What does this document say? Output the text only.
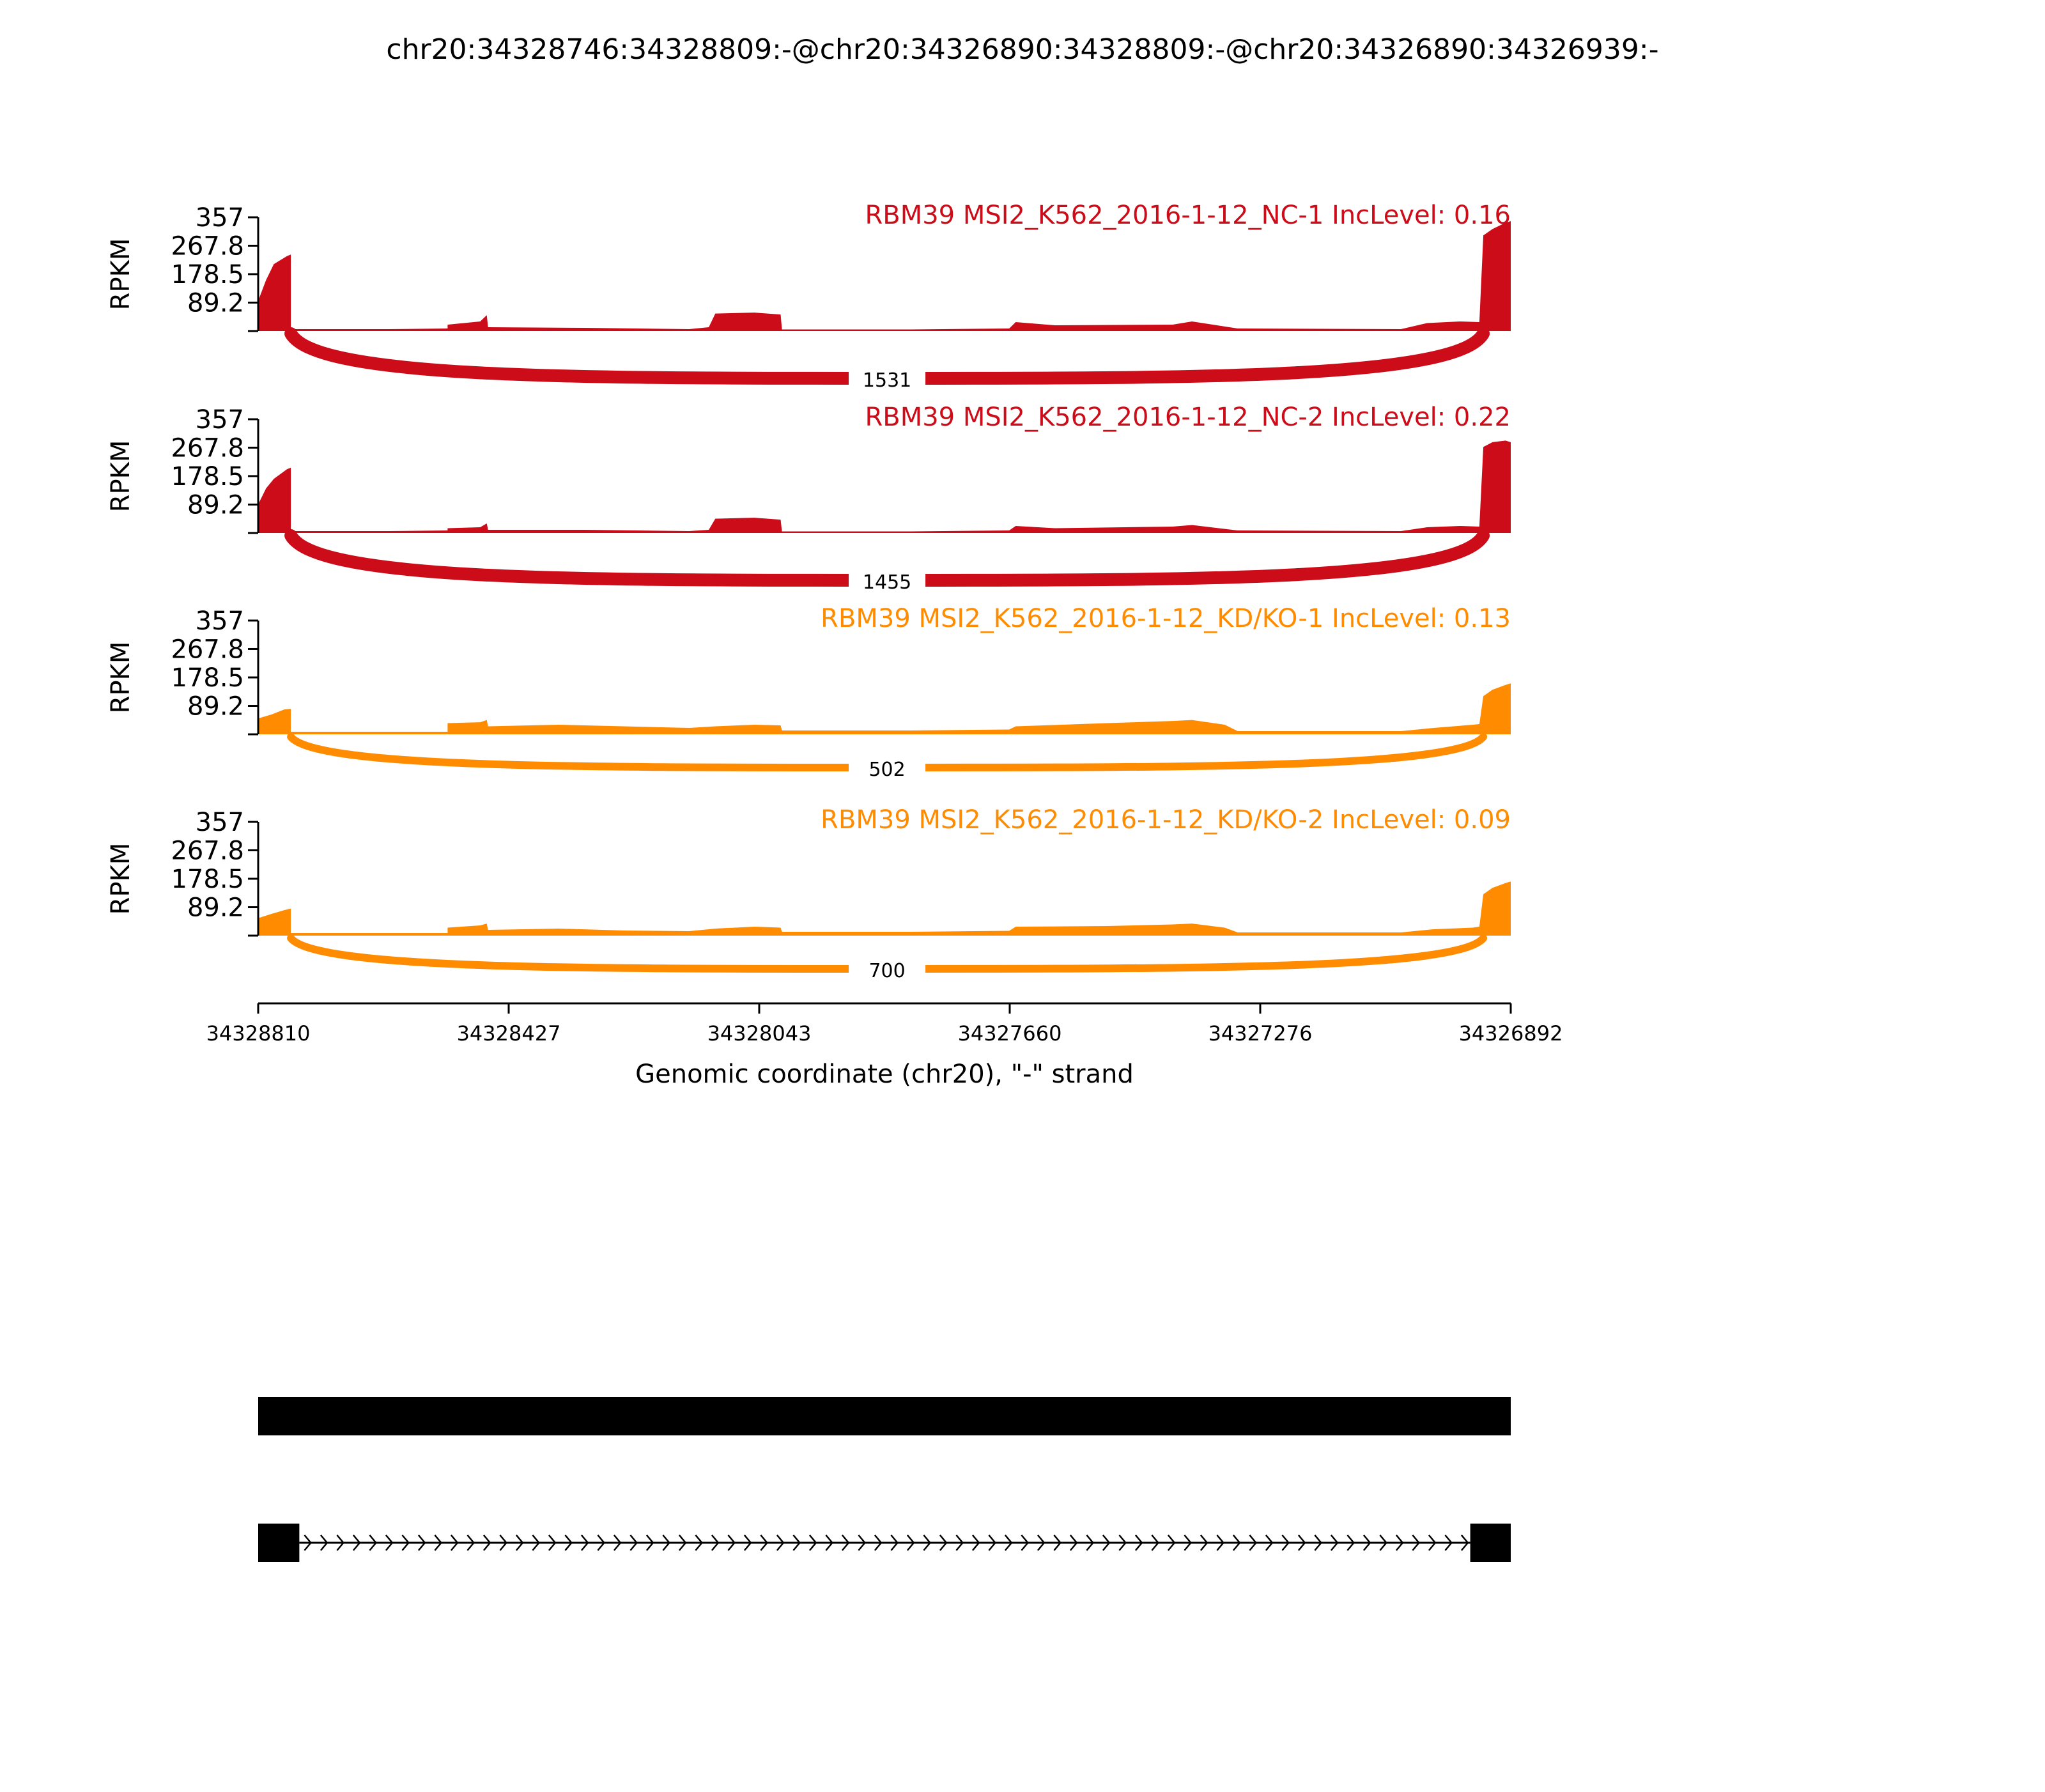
chr20:34328746:34328809:-@chr20:34326890:34328809:-@chr20:34326890:34326939:-
357
267.8
178.5
89.2
RPKM
RBM39 MSI2_K562_2016-1-12_NC-1 IncLevel: 0.16
1531
357
267.8
178.5
89.2
RPKM
RBM39 MSI2_K562_2016-1-12_NC-2 IncLevel: 0.22
1455
357
267.8
178.5
89.2
RPKM
RBM39 MSI2_K562_2016-1-12_KD/KO-1 IncLevel: 0.13
502
357
267.8
178.5
89.2
RPKM
RBM39 MSI2_K562_2016-1-12_KD/KO-2 IncLevel: 0.09
700
34328810	34328427	34328043	34327660	34327276	34326892
Genomic coordinate (chr20), "-" strand
